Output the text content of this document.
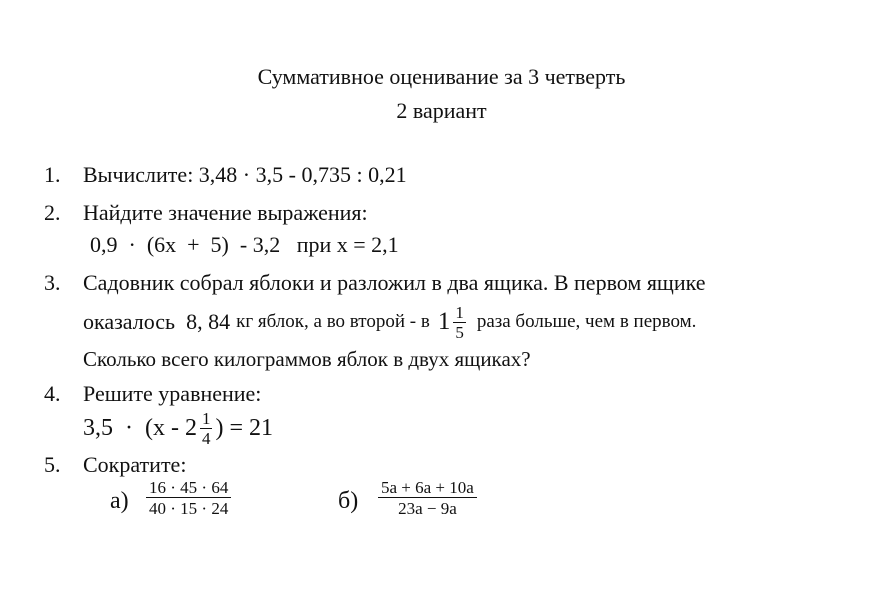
Суммативное оценивание за 3 четверть
2 вариант
1. Вычислите: 3,48 · 3,5 - 0,735 : 0,21
2. Найдите значение выражения:
0,9  ·  (6х  +  5)  - 3,2   при х = 2,1
3. Садовник собрал яблоки и разложил в два ящика. В первом ящике
оказалось  8, 84 кг яблок, а во второй - в $1 \frac{1}{5}$ раза больше, чем в первом.
Сколько всего килограммов яблок в двух ящиках?
4. Решите уравнение:
$3,5 \cdot (х - 2 \frac{1}{4}$ ) = 21
5. Сократите:
$а) \frac{16 \cdot 45 \cdot 64}{40 \cdot 15 \cdot 24}$	$б) \frac{5a + 6a + 10a}{23a - 9a}$
